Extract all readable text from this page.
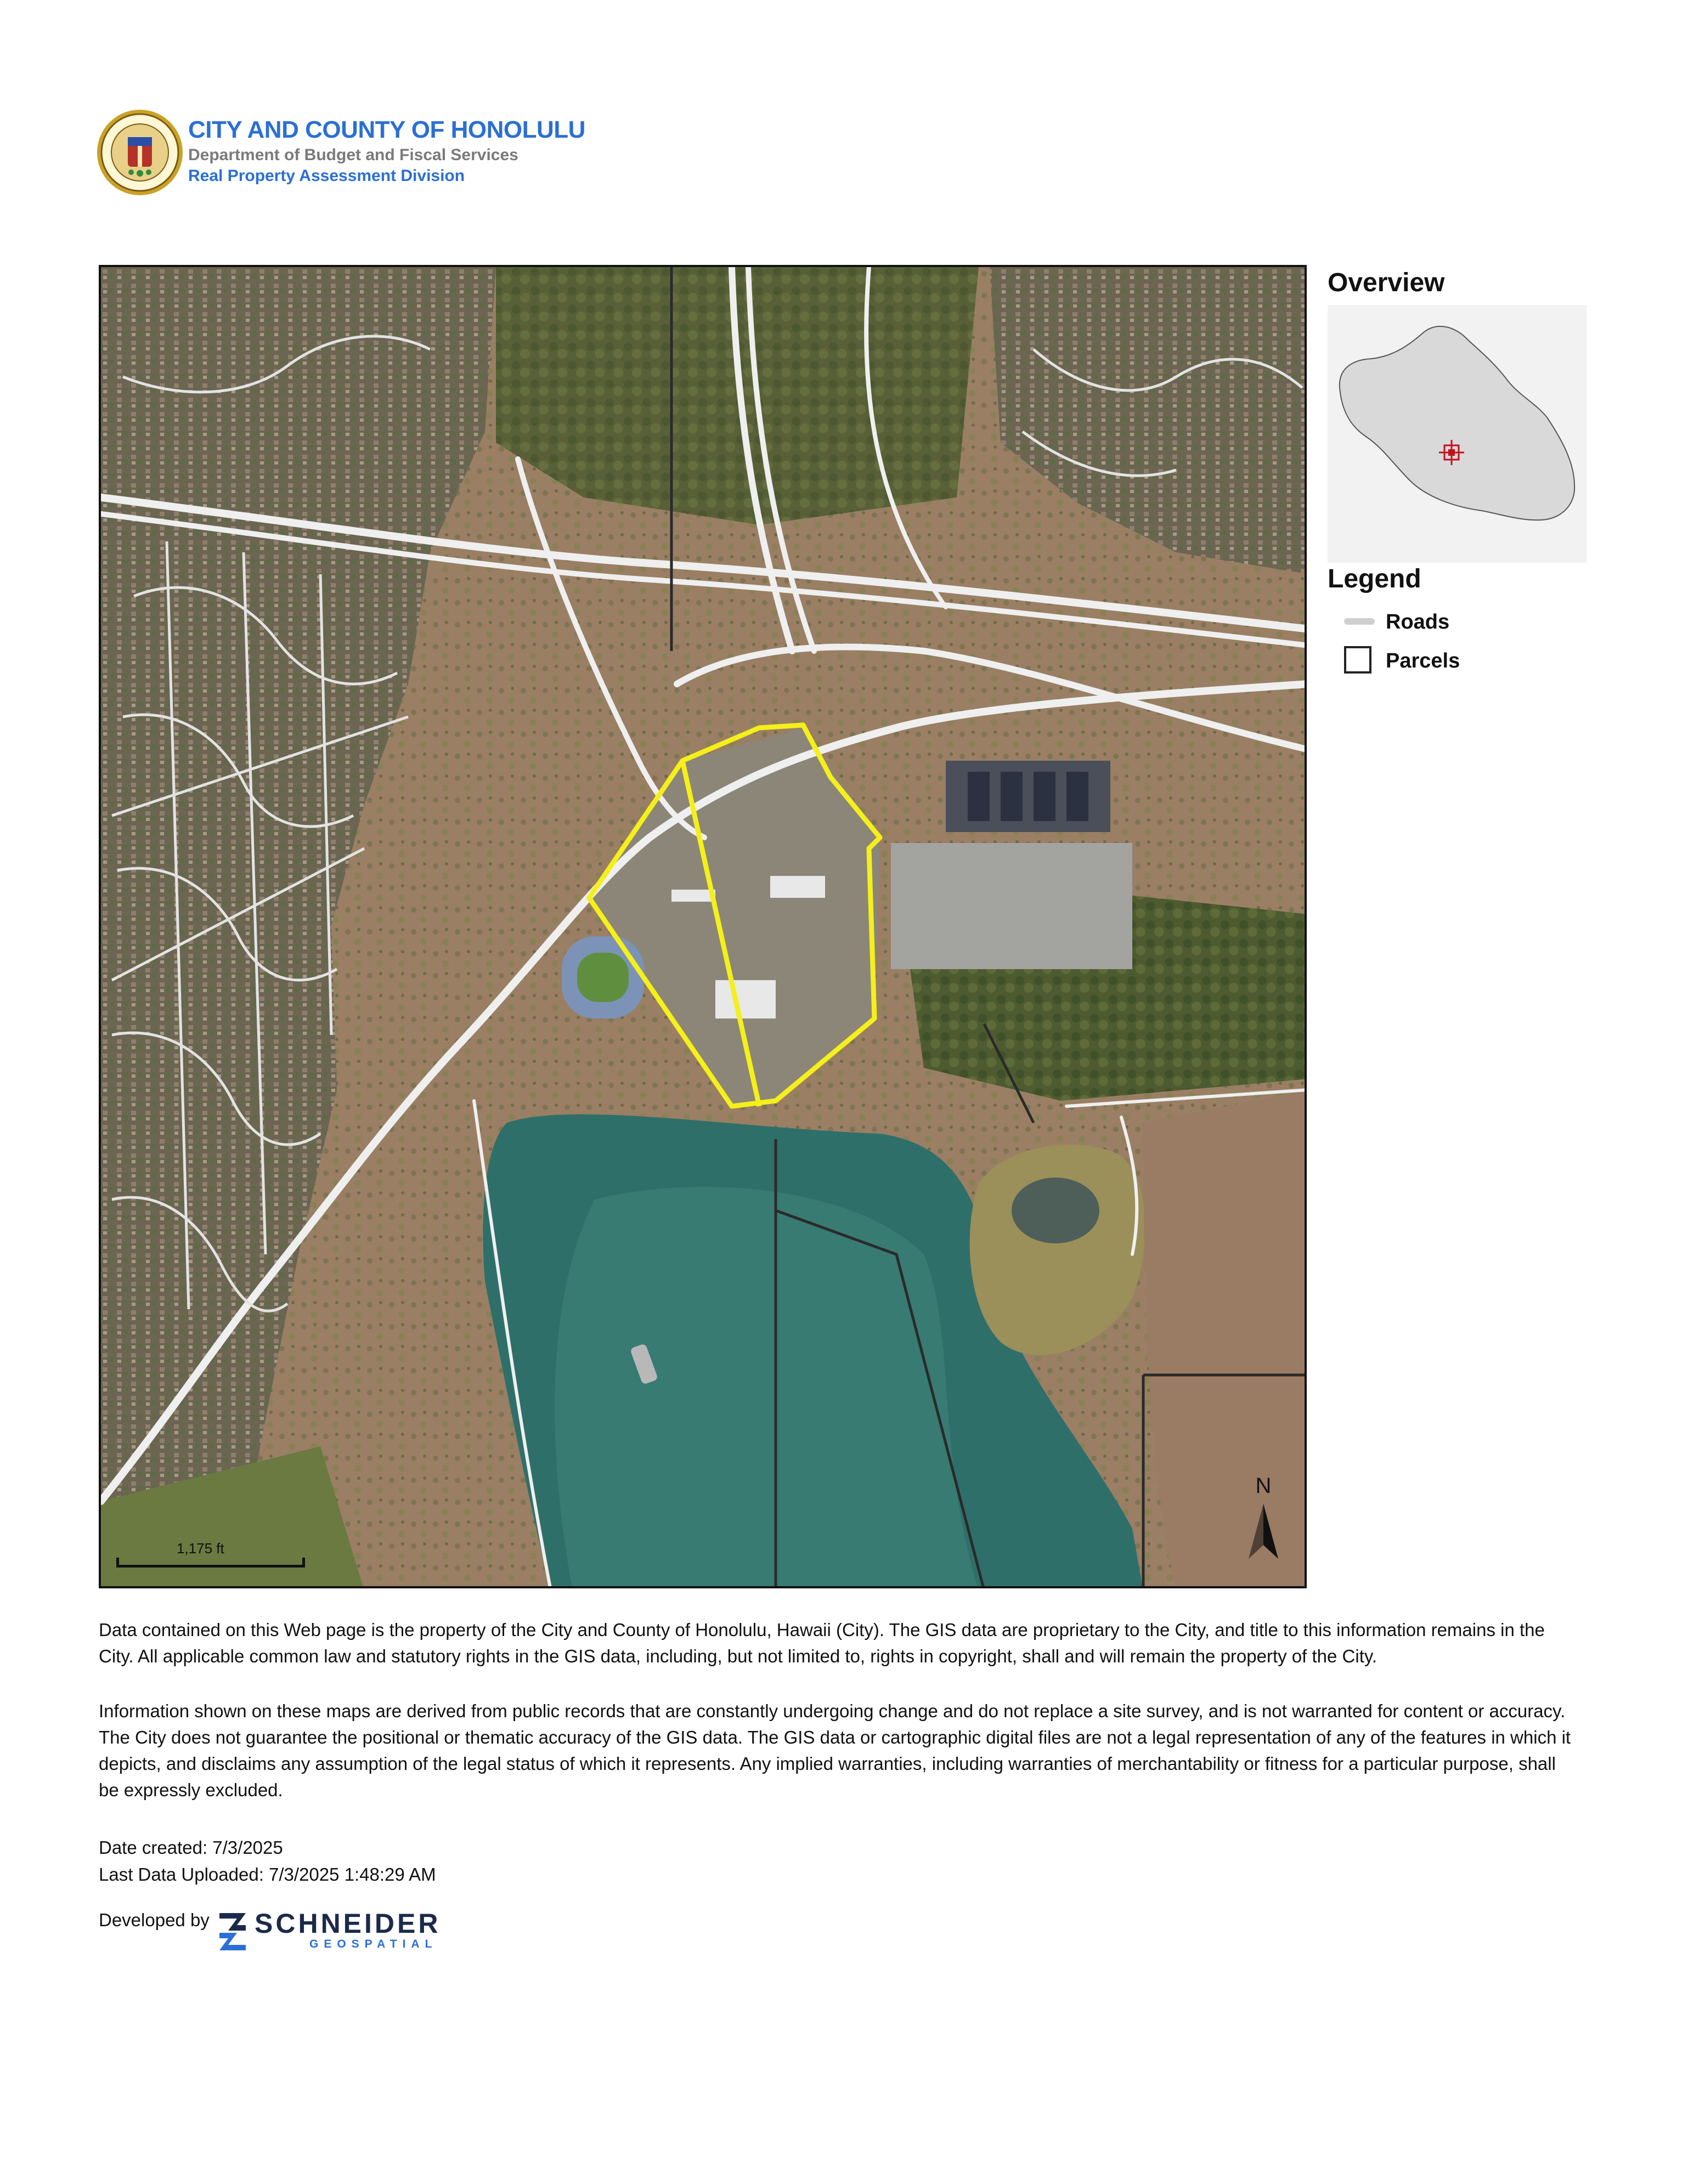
CITY AND COUNTY OF HONOLULU
Department of Budget and Fiscal Services
Real Property Assessment Division
1,175 ft
N
Overview
Legend
Roads
Parcels
Data contained on this Web page is the property of the City and County of Honolulu, Hawaii (City). The GIS data are proprietary to the City, and title to this information remains in the City. All applicable common law and statutory rights in the GIS data, including, but not limited to, rights in copyright, shall and will remain the property of the City.
Information shown on these maps are derived from public records that are constantly undergoing change and do not replace a site survey, and is not warranted for content or accuracy. The City does not guarantee the positional or thematic accuracy of the GIS data. The GIS data or cartographic digital files are not a legal representation of any of the features in which it depicts, and disclaims any assumption of the legal status of which it represents. Any implied warranties, including warranties of merchantability or fitness for a particular purpose, shall be expressly excluded.
Date created: 7/3/2025
Last Data Uploaded: 7/3/2025 1:48:29 AM
Developed by SCHNEIDER
GEOSPATIAL
